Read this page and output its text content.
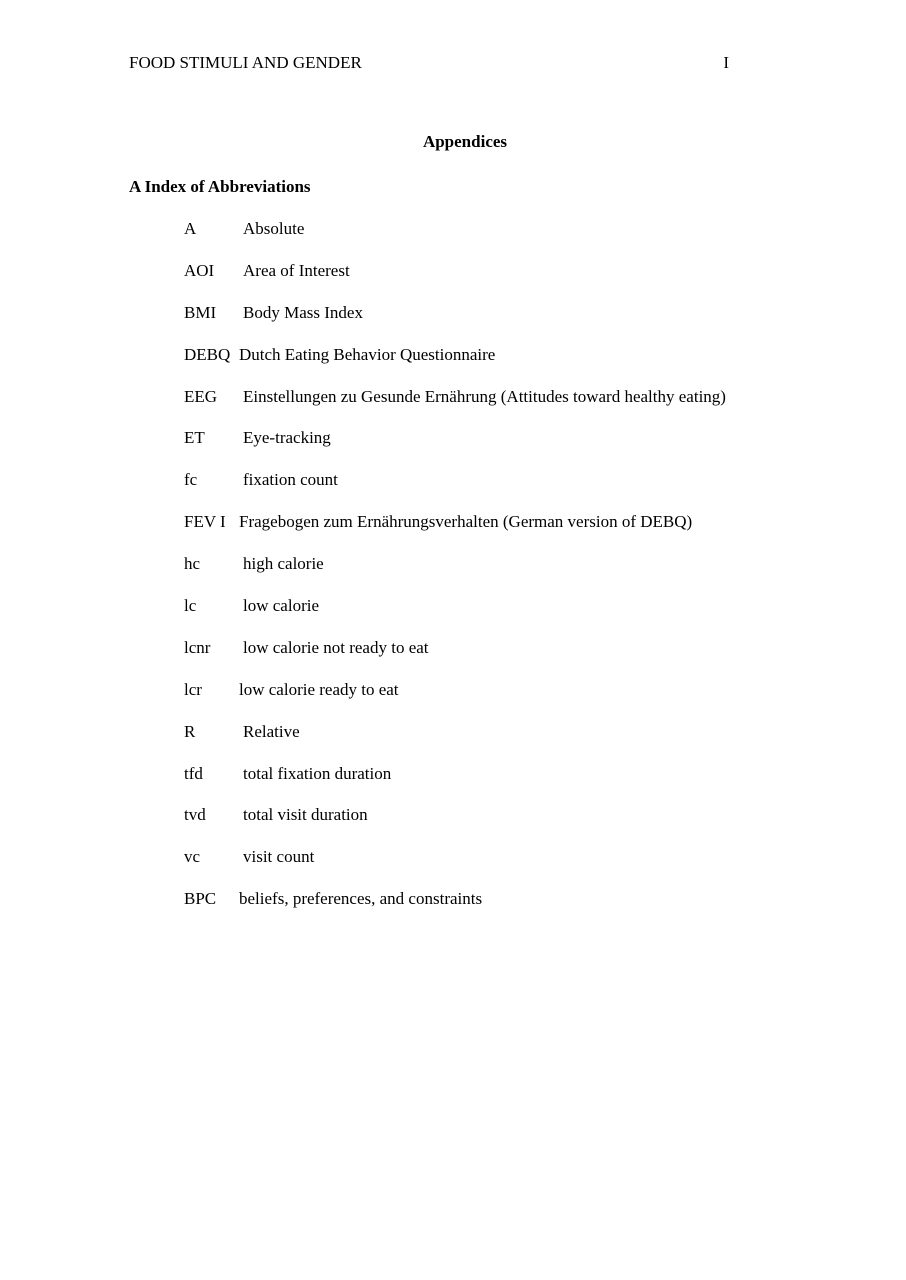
FOOD STIMULI AND GENDER	I
Appendices
A Index of Abbreviations
A	Absolute
AOI Area of Interest
BMI Body Mass Index
DEBQ Dutch Eating Behavior Questionnaire
EEG Einstellungen zu Gesunde Ernährung (Attitudes toward healthy eating)
ET Eye-tracking
fc	fixation count
FEV I Fragebogen zum Ernährungsverhalten (German version of DEBQ)
hc	high calorie
lc	low calorie
lcnr low calorie not ready to eat
lcr low calorie ready to eat
R	Relative
tfd total fixation duration
tvd total visit duration
vc	visit count
BPC beliefs, preferences, and constraints
